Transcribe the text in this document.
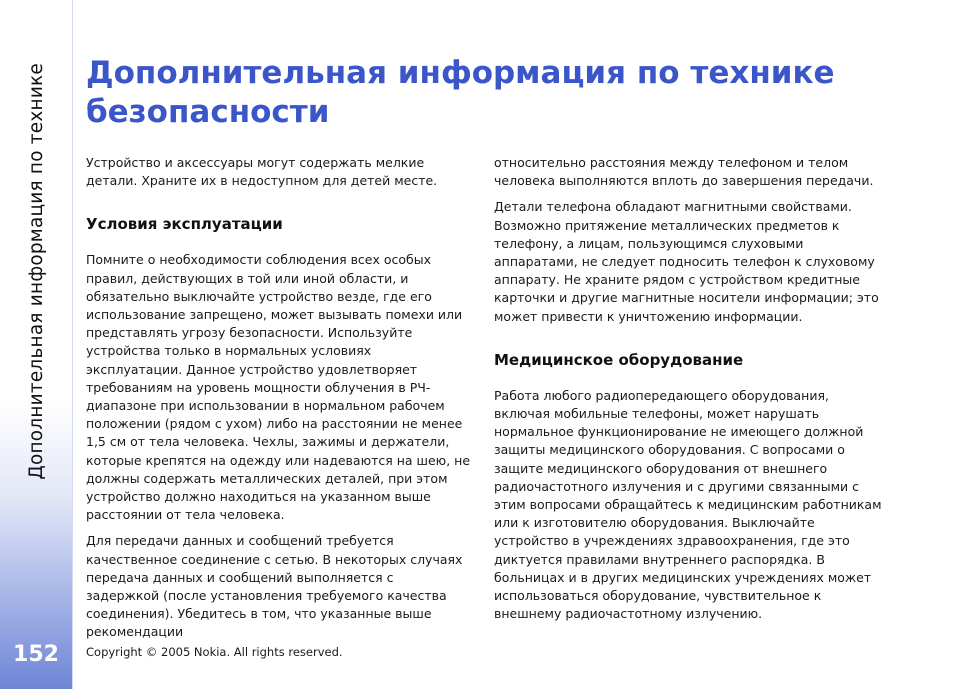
Дополнительная информация по технике
152
Дополнительная информация по технике безопасности

Устройство и аксессуары могут содержать мелкие детали. Храните их в недоступном для детей месте.

Условия эксплуатации

Помните о необходимости соблюдения всех особых правил, действующих в той или иной области, и обязательно выключайте устройство везде, где его использование запрещено, может вызывать помехи или представлять угрозу безопасности. Используйте устройства только в нормальных условиях эксплуатации. Данное устройство удовлетворяет требованиям на уровень мощности облучения в РЧ-диапазоне при использовании в нормальном рабочем положении (рядом с ухом) либо на расстоянии не менее 1,5 см от тела человека. Чехлы, зажимы и держатели, которые крепятся на одежду или надеваются на шею, не должны содержать металлических деталей, при этом устройство должно находиться на указанном выше расстоянии от тела человека.

Для передачи данных и сообщений требуется качественное соединение с сетью. В некоторых случаях передача данных и сообщений выполняется с задержкой (после установления требуемого качества соединения). Убедитесь в том, что указанные выше рекомендации

относительно расстояния между телефоном и телом человека выполняются вплоть до завершения передачи.

Детали телефона обладают магнитными свойствами. Возможно притяжение металлических предметов к телефону, а лицам, пользующимся слуховыми аппаратами, не следует подносить телефон к слуховому аппарату. Не храните рядом с устройством кредитные карточки и другие магнитные носители информации; это может привести к уничтожению информации.

Медицинское оборудование

Работа любого радиопередающего оборудования, включая мобильные телефоны, может нарушать нормальное функционирование не имеющего должной защиты медицинского оборудования. С вопросами о защите медицинского оборудования от внешнего радиочастотного излучения и с другими связанными с этим вопросами обращайтесь к медицинским работникам или к изготовителю оборудования. Выключайте устройство в учреждениях здравоохранения, где это диктуется правилами внутреннего распорядка. В больницах и в других медицинских учреждениях может использоваться оборудование, чувствительное к внешнему радиочастотному излучению.

Copyright © 2005 Nokia. All rights reserved.
